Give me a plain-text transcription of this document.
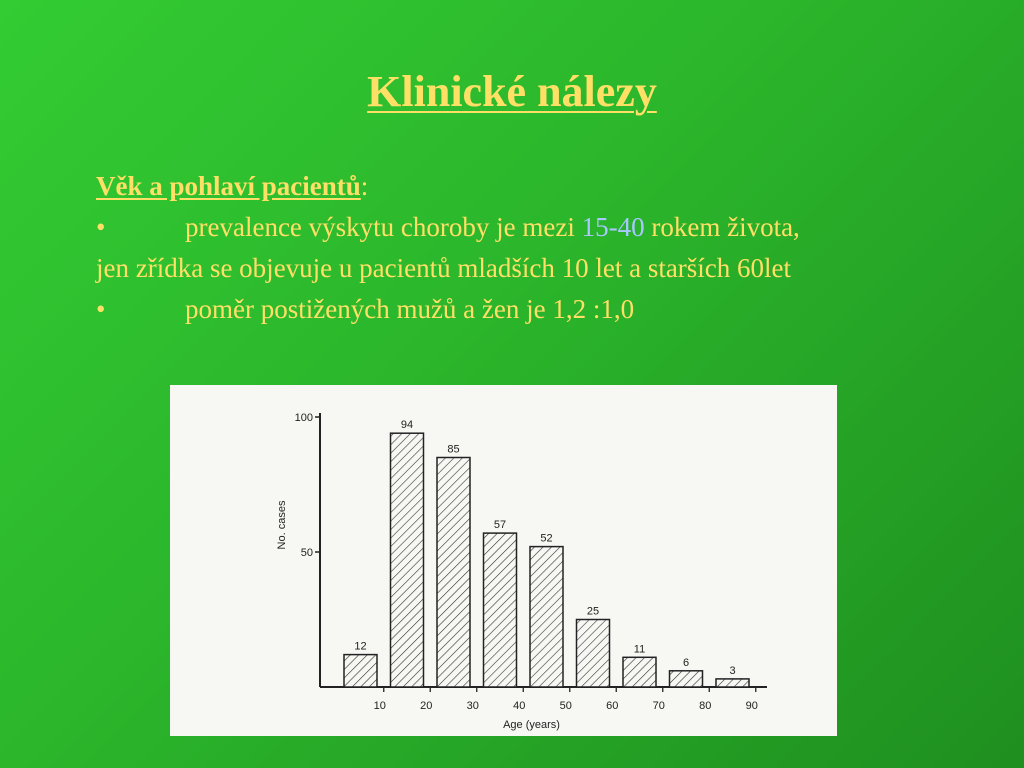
Klinické nálezy
Věk a pohlaví pacientů:
•	prevalence výskytu choroby je mezi 15-40 rokem života,
jen zřídka se objevuje u pacientů mladších 10 let a starších 60let
•	poměr postižených mužů a žen je 1,2 :1,0
100
50
12
94
85
57
52
25
11
6
3
10	20	30	40	50	60	70	80	90
Age (years)
No. cases
